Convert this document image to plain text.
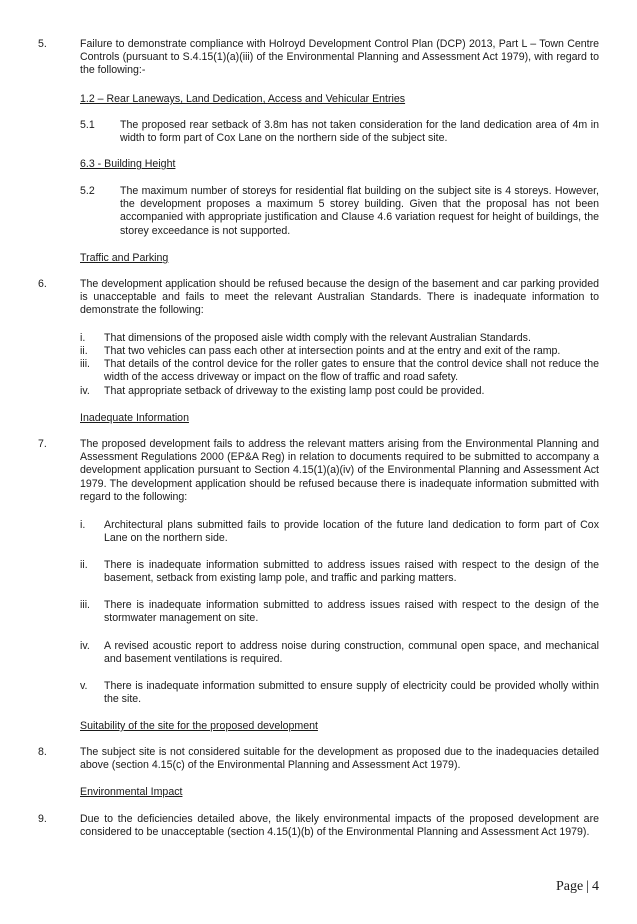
5.	Failure to demonstrate compliance with Holroyd Development Control Plan (DCP) 2013, Part L – Town Centre Controls (pursuant to S.4.15(1)(a)(iii) of the Environmental Planning and Assessment Act 1979), with regard to the following:-
1.2 – Rear Laneways, Land Dedication, Access and Vehicular Entries
5.1 The proposed rear setback of 3.8m has not taken consideration for the land dedication area of 4m in width to form part of Cox Lane on the northern side of the subject site.
6.3 - Building Height
5.2 The maximum number of storeys for residential flat building on the subject site is 4 storeys. However, the development proposes a maximum 5 storey building. Given that the proposal has not been accompanied with appropriate justification and Clause 4.6 variation request for height of buildings, the storey exceedance is not supported.
Traffic and Parking
6.	The development application should be refused because the design of the basement and car parking provided is unacceptable and fails to meet the relevant Australian Standards. There is inadequate information to demonstrate the following:
i. That dimensions of the proposed aisle width comply with the relevant Australian Standards.
ii. That two vehicles can pass each other at intersection points and at the entry and exit of the ramp.
iii. That details of the control device for the roller gates to ensure that the control device shall not reduce the width of the access driveway or impact on the flow of traffic and road safety.
iv. That appropriate setback of driveway to the existing lamp post could be provided.
Inadequate Information
7.	The proposed development fails to address the relevant matters arising from the Environmental Planning and Assessment Regulations 2000 (EP&A Reg) in relation to documents required to be submitted to accompany a development application pursuant to Section 4.15(1)(a)(iv) of the Environmental Planning and Assessment Act 1979. The development application should be refused because there is inadequate information submitted with regard to the following:
i. Architectural plans submitted fails to provide location of the future land dedication to form part of Cox Lane on the northern side.
ii. There is inadequate information submitted to address issues raised with respect to the design of the basement, setback from existing lamp pole, and traffic and parking matters.
iii. There is inadequate information submitted to address issues raised with respect to the design of the stormwater management on site.
iv. A revised acoustic report to address noise during construction, communal open space, and mechanical and basement ventilations is required.
v. There is inadequate information submitted to ensure supply of electricity could be provided wholly within the site.
Suitability of the site for the proposed development
8.	The subject site is not considered suitable for the development as proposed due to the inadequacies detailed above (section 4.15(c) of the Environmental Planning and Assessment Act 1979).
Environmental Impact
9.	Due to the deficiencies detailed above, the likely environmental impacts of the proposed development are considered to be unacceptable (section 4.15(1)(b) of the Environmental Planning and Assessment Act 1979).
Page | 4
